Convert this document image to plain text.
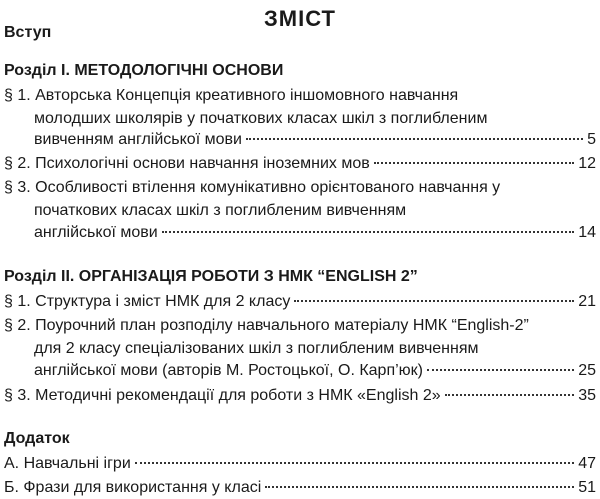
ЗМІСТ
Вступ
Розділ І. МЕТОДОЛОГІЧНІ ОСНОВИ
§ 1. Авторська Концепція креативного іншомовного навчання
молодших школярів у початкових класах шкіл з поглибленим
вивченням англійської мови	5
§ 2. Психологічні основи навчання іноземних мов	12
§ 3. Особливості втілення комунікативно орієнтованого навчання у
початкових класах шкіл з поглибленим вивченням
англійської мови	14
Розділ ІІ. ОРГАНІЗАЦІЯ РОБОТИ З НМК “ENGLISH 2”
§ 1. Структура і зміст НМК для 2 класу	21
§ 2. Поурочний план розподілу навчального матеріалу НМК “English-2”
для 2 класу спеціалізованих шкіл з поглибленим вивченням
англійської мови (авторів М. Ростоцької, О. Карп’юк)	25
§ 3. Методичні рекомендації для роботи з НМК «English 2»	35
Додаток
А. Навчальні ігри	47
Б. Фрази для використання у класі	51
